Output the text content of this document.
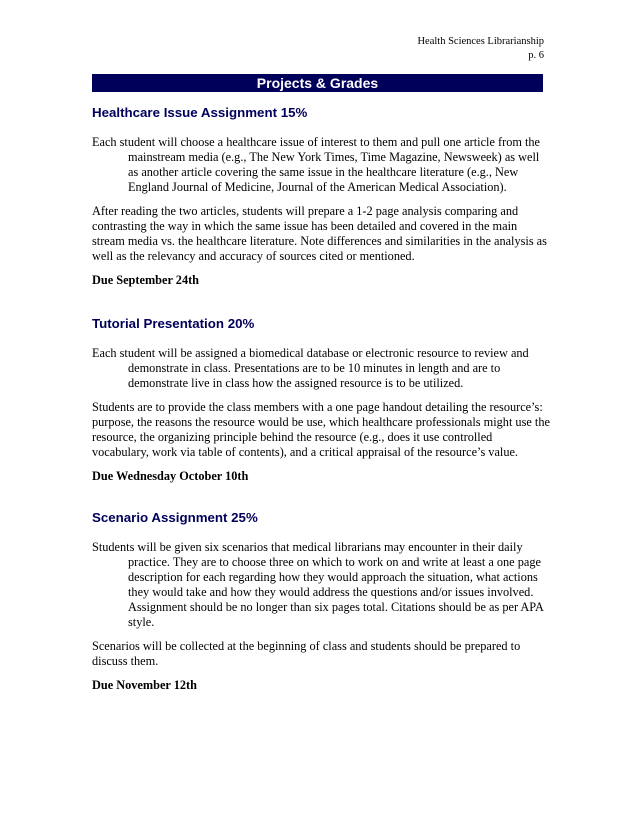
Health Sciences Librarianship
p. 6
Projects & Grades
Healthcare Issue Assignment 15%
Each student will choose a healthcare issue of interest to them and pull one article from the mainstream media (e.g., The New York Times, Time Magazine, Newsweek) as well as another article covering the same issue in the healthcare literature (e.g., New England Journal of Medicine, Journal of the American Medical Association).
After reading the two articles, students will prepare a 1-2 page analysis comparing and contrasting the way in which the same issue has been detailed and covered in the main stream media vs. the healthcare literature. Note differences and similarities in the analysis as well as the relevancy and accuracy of sources cited or mentioned.
Due September 24th
Tutorial Presentation 20%
Each student will be assigned a biomedical database or electronic resource to review and demonstrate in class. Presentations are to be 10 minutes in length and are to demonstrate live in class how the assigned resource is to be utilized.
Students are to provide the class members with a one page handout detailing the resource’s: purpose, the reasons the resource would be use, which healthcare professionals might use the resource, the organizing principle behind the resource (e.g., does it use controlled vocabulary, work via table of contents), and a critical appraisal of the resource’s value.
Due Wednesday October 10th
Scenario Assignment 25%
Students will be given six scenarios that medical librarians may encounter in their daily practice. They are to choose three on which to work on and write at least a one page description for each regarding how they would approach the situation, what actions they would take and how they would address the questions and/or issues involved. Assignment should be no longer than six pages total. Citations should be as per APA style.
Scenarios will be collected at the beginning of class and students should be prepared to discuss them.
Due November 12th
